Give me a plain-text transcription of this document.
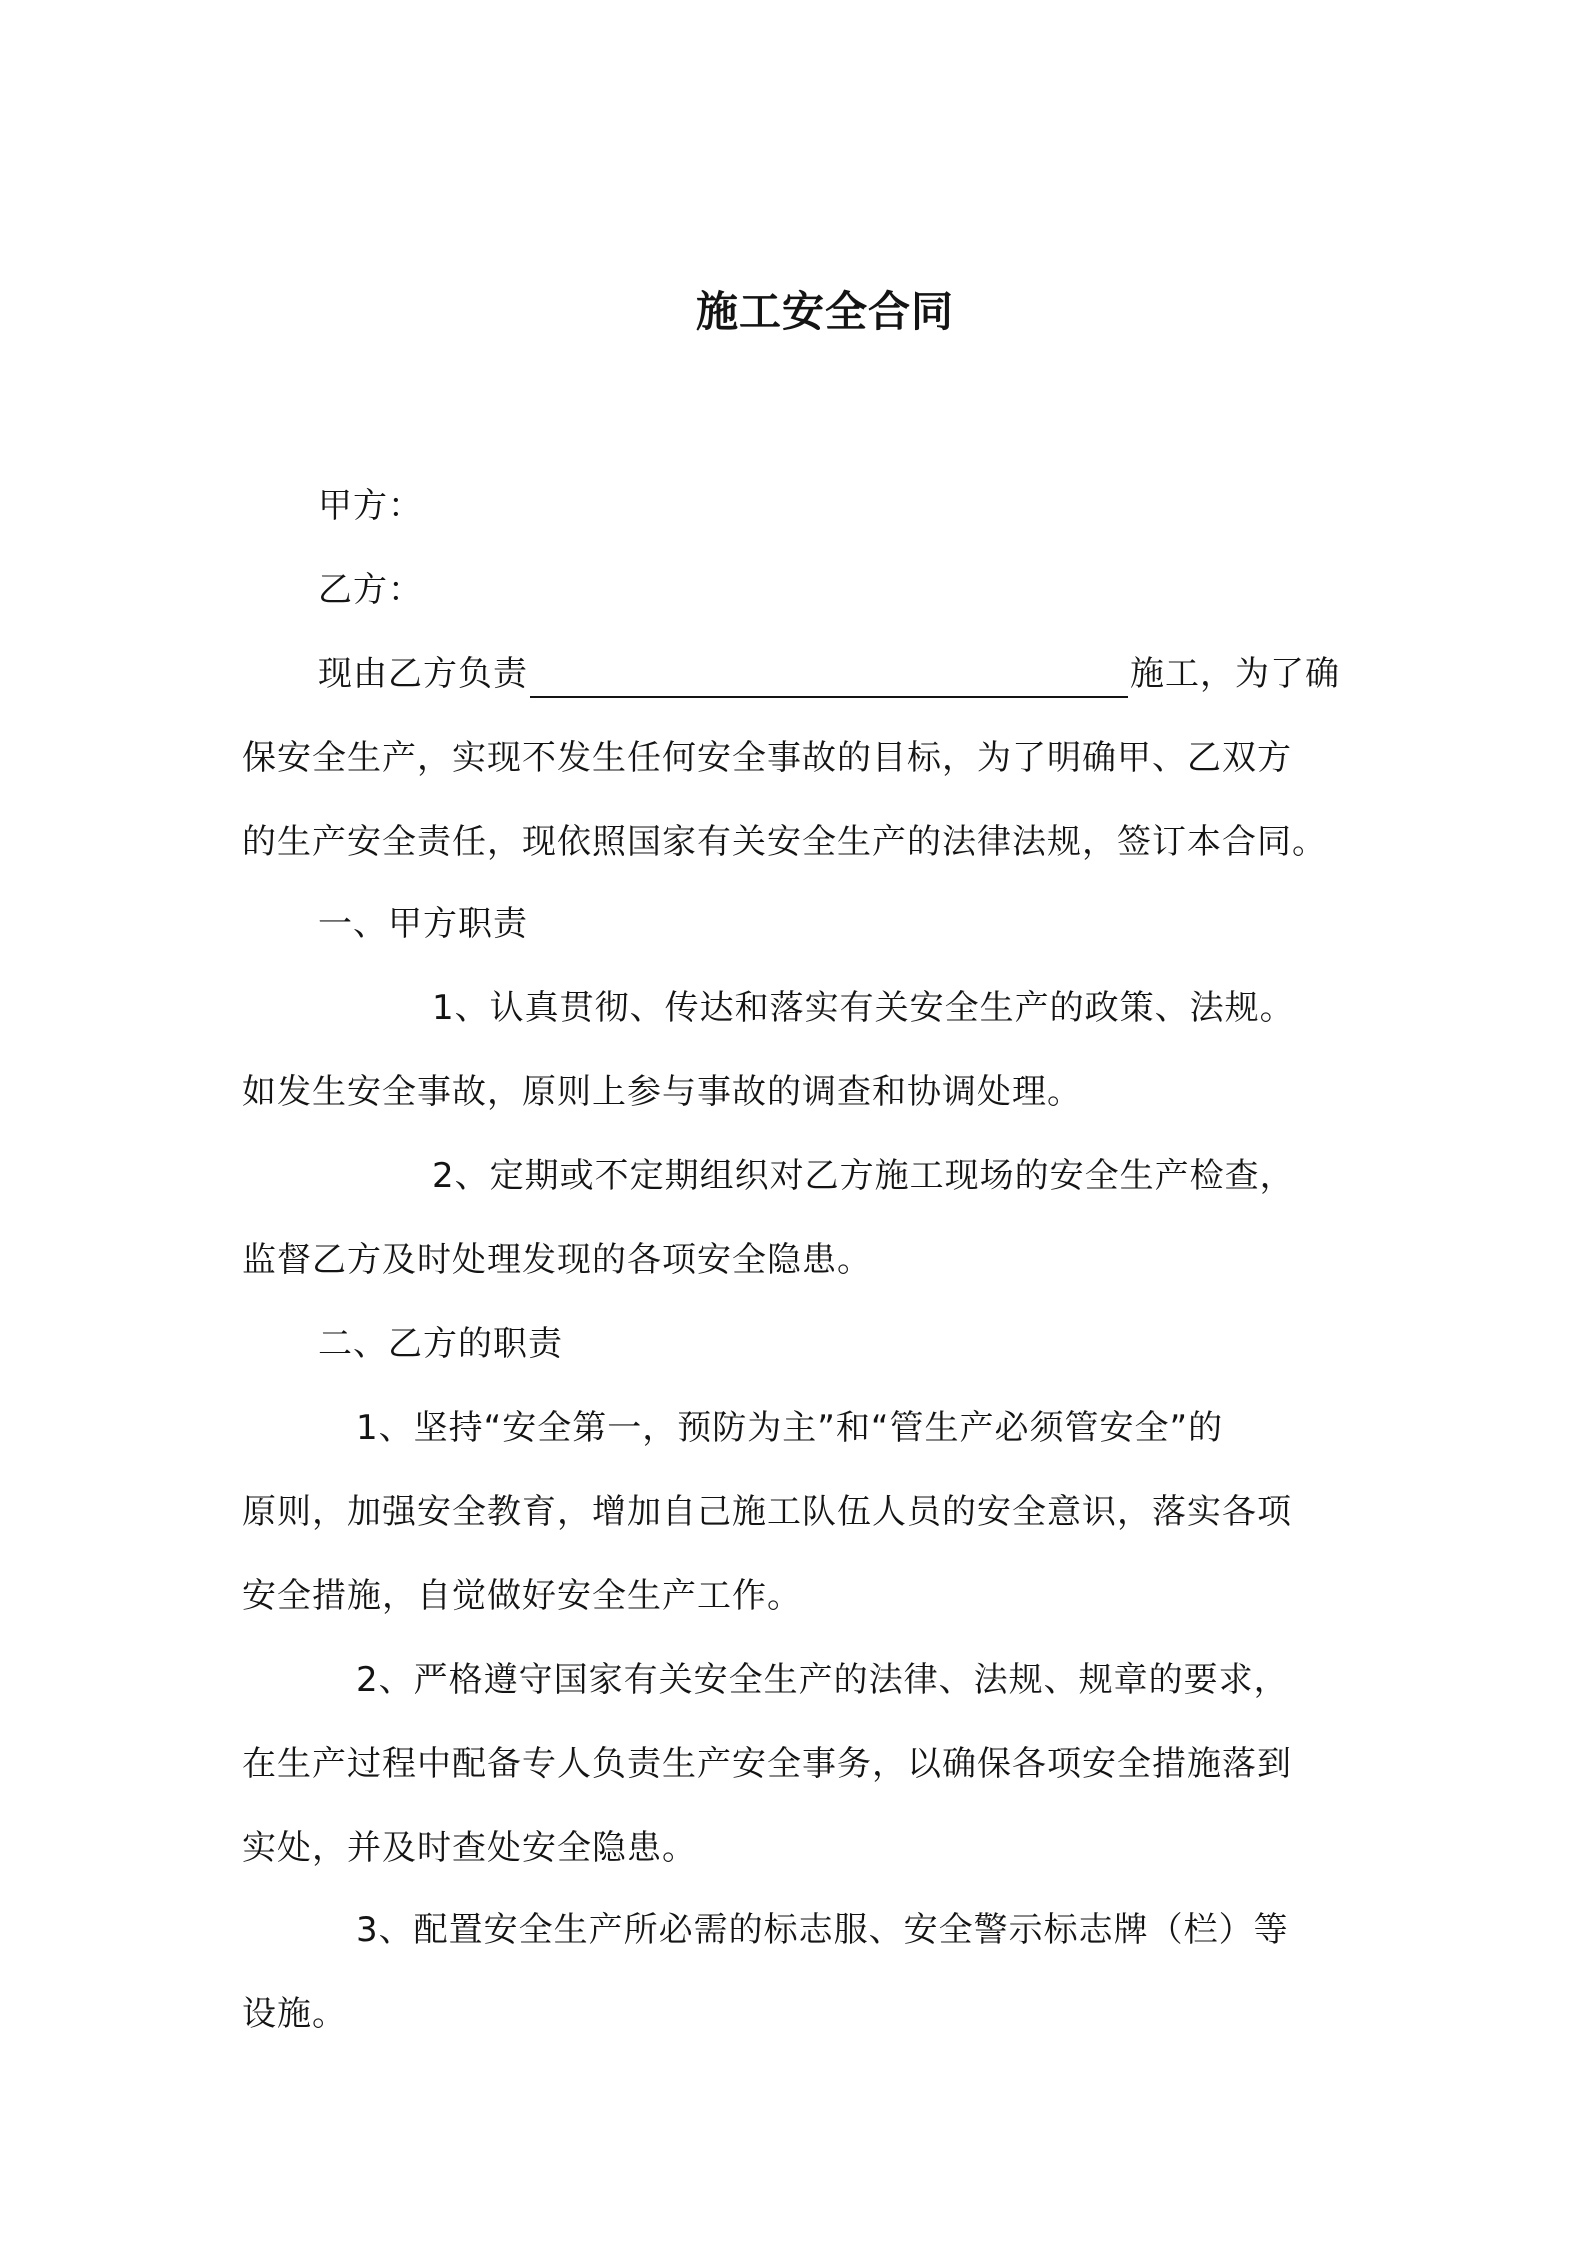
施工安全合同
甲方：
乙方：
现由乙方负责	施工，为了确
保安全生产，实现不发生任何安全事故的目标，为了明确甲、乙双方
的生产安全责任，现依照国家有关安全生产的法律法规，签订本合同。
一、甲方职责
1、认真贯彻、传达和落实有关安全生产的政策、法规。
如发生安全事故，原则上参与事故的调查和协调处理。
2、定期或不定期组织对乙方施工现场的安全生产检查，
监督乙方及时处理发现的各项安全隐患。
二、乙方的职责
1、坚持“安全第一，预防为主”和“管生产必须管安全”的
原则，加强安全教育，增加自己施工队伍人员的安全意识，落实各项
安全措施，自觉做好安全生产工作。
2、严格遵守国家有关安全生产的法律、法规、规章的要求，
在生产过程中配备专人负责生产安全事务，以确保各项安全措施落到
实处，并及时查处安全隐患。
3、配置安全生产所必需的标志服、安全警示标志牌（栏）等
设施。
